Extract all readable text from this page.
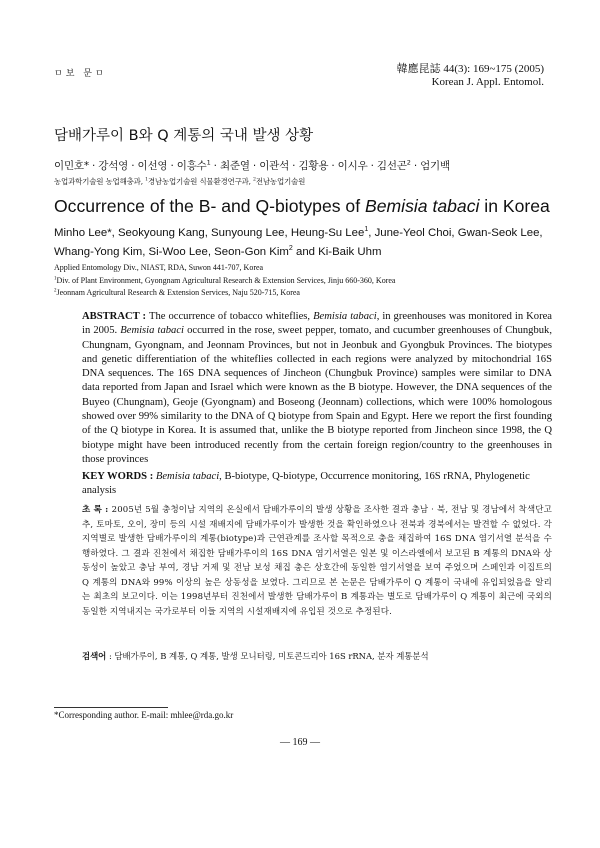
ㅁ보 문ㅁ	韓應昆誌 44(3): 169~175 (2005)
Korean J. Appl. Entomol.
담배가루이 B와 Q 계통의 국내 발생 상황
이민호* · 강석영 · 이선영 · 이흥수$^1$ · 최준열 · 이관석 · 김황용 · 이시우 · 김선곤$^2$ · 엄기백
농업과학기술원 농업해충과, $^1$경남농업기술원 식물환경연구과, $^2$전남농업기술원
Occurrence of the B- and Q-biotypes of Bemisia tabaci in Korea
Minho Lee*, Seokyoung Kang, Sunyoung Lee, Heung-Su Lee$^1$, June-Yeol Choi, Gwan-Seok Lee,
Whang-Yong Kim, Si-Woo Lee, Seon-Gon Kim$^2$ and Ki-Baik Uhm
Applied Entomology Div., NIAST, RDA, Suwon 441-707, Korea
$^1$Div. of Plant Environment, Gyongnam Agricultural Research & Extension Services, Jinju 660-360, Korea
$^2$Jeonnam Agricultural Research & Extension Services, Naju 520-715, Korea
ABSTRACT : The occurrence of tobacco whiteflies, Bemisia tabaci, in greenhouses was monitored in Korea in 2005. Bemisia tabaci occurred in the rose, sweet pepper, tomato, and cucumber greenhouses of Chungbuk, Chungnam, Gyongnam, and Jeonnam Provinces, but not in Jeonbuk and Gyongbuk Provinces. The biotypes and genetic differentiation of the whiteflies collected in each regions were analyzed by mitochondrial 16S DNA sequences. The 16S DNA sequences of Jincheon (Chungbuk Province) samples were similar to DNA data reported from Japan and Israel which were known as the B biotype. However, the DNA sequences of the Buyeo (Chungnam), Geoje (Gyongnam) and Boseong (Jeonnam) collections, which were 100% homologous showed over 99% similarity to the DNA of Q biotype from Spain and Egypt. Here we report the first founding of the Q biotype in Korea. It is assumed that, unlike the B biotype reported from Jincheon since 1998, the Q biotype might have been introduced recently from the certain foreign region/country to the greenhouses in those provinces
KEY WORDS : Bemisia tabaci, B-biotype, Q-biotype, Occurrence monitoring, 16S rRNA, Phylogenetic analysis
초 록 : 2005년 5월 충청이남 지역의 온실에서 담배가루이의 발생 상황을 조사한 결과 충남 · 북, 전남 및 경남에서 착색단고추, 토마토, 오이, 장미 등의 시설 재배지에 담배가루이가 발생한 것을 확인하였으나 전북과 경북에서는 발견할 수 없었다. 각 지역별로 발생한 담배가루이의 계통(biotype)과 근연관계를 조사할 목적으로 충을 채집하여 16S DNA 염기서열 분석을 수행하였다. 그 결과 진천에서 채집한 담배가루이의 16S DNA 염기서열은 일본 및 이스라엘에서 보고된 B 계통의 DNA와 상동성이 높았고 충남 부여, 경남 거제 및 전남 보성 채집 충은 상호간에 동일한 염기서열을 보여 주었으며 스페인과 이집트의 Q 계통의 DNA와 99% 이상의 높은 상동성을 보였다. 그리므로 본 논문은 담배가루이 Q 계통이 국내에 유입되었음을 알리는 최초의 보고이다. 이는 1998년부터 진천에서 발생한 담배가루이 B 계통과는 별도로 담배가루이 Q 계통이 최근에 국외의 동일한 지역내지는 국가로부터 이들 지역의 시설재배지에 유입된 것으로 추정된다.
검색어 : 담배가루이, B 계통, Q 계통, 발생 모니터링, 미토콘드리아 16S rRNA, 분자 계통분석
*Corresponding author. E-mail: mhlee@rda.go.kr
— 169 —
